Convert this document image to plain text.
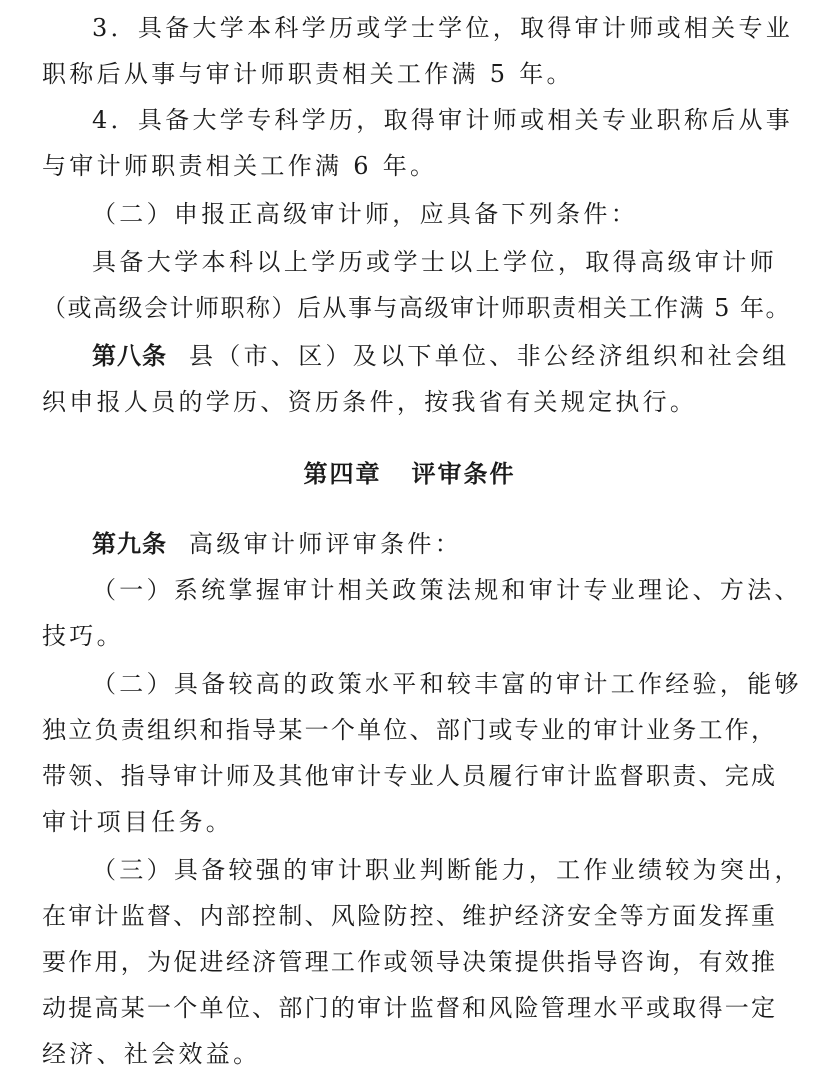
3．具备大学本科学历或学士学位，取得审计师或相关专业
职称后从事与审计师职责相关工作满 5 年。
4．具备大学专科学历，取得审计师或相关专业职称后从事
与审计师职责相关工作满 6 年。
（二）申报正高级审计师，应具备下列条件：
具备大学本科以上学历或学士以上学位，取得高级审计师
（或高级会计师职称）后从事与高级审计师职责相关工作满 5 年。
第八条 县（市、区）及以下单位、非公经济组织和社会组
织申报人员的学历、资历条件，按我省有关规定执行。
第四章 评审条件
第九条 高级审计师评审条件：
（一）系统掌握审计相关政策法规和审计专业理论、方法、
技巧。
（二）具备较高的政策水平和较丰富的审计工作经验，能够
独立负责组织和指导某一个单位、部门或专业的审计业务工作，
带领、指导审计师及其他审计专业人员履行审计监督职责、完成
审计项目任务。
（三）具备较强的审计职业判断能力，工作业绩较为突出，
在审计监督、内部控制、风险防控、维护经济安全等方面发挥重
要作用，为促进经济管理工作或领导决策提供指导咨询，有效推
动提高某一个单位、部门的审计监督和风险管理水平或取得一定
经济、社会效益。
